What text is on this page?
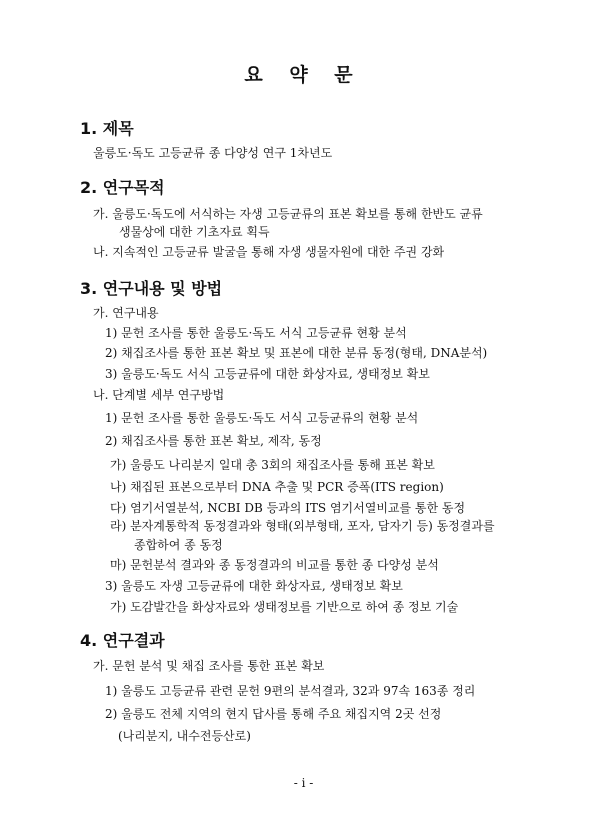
요 약 문
1. 제목
울릉도·독도 고등균류 종 다양성 연구 1차년도
2. 연구목적
가. 울릉도·독도에 서식하는 자생 고등균류의 표본 확보를 통해 한반도 균류
생물상에 대한 기초자료 획득
나. 지속적인 고등균류 발굴을 통해 자생 생물자원에 대한 주권 강화
3. 연구내용 및 방법
가. 연구내용
1) 문헌 조사를 통한 울릉도·독도 서식 고등균류 현황 분석
2) 채집조사를 통한 표본 확보 및 표본에 대한 분류 동정(형태, DNA분석)
3) 울릉도·독도 서식 고등균류에 대한 화상자료, 생태정보 확보
나. 단계별 세부 연구방법
1) 문헌 조사를 통한 울릉도·독도 서식 고등균류의 현황 분석
2) 채집조사를 통한 표본 확보, 제작, 동정
가) 울릉도 나리분지 일대 총 3회의 채집조사를 통해 표본 확보
나) 채집된 표본으로부터 DNA 추출 및 PCR 증폭(ITS region)
다) 염기서열분석, NCBI DB 등과의 ITS 염기서열비교를 통한 동정
라) 분자계통학적 동정결과와 형태(외부형태, 포자, 담자기 등) 동정결과를
종합하여 종 동정
마) 문헌분석 결과와 종 동정결과의 비교를 통한 종 다양성 분석
3) 울릉도 자생 고등균류에 대한 화상자료, 생태정보 확보
가) 도감발간을 화상자료와 생태정보를 기반으로 하여 종 정보 기술
4. 연구결과
가. 문헌 분석 및 채집 조사를 통한 표본 확보
1) 울릉도 고등균류 관련 문헌 9편의 분석결과, 32과 97속 163종 정리
2) 울릉도 전체 지역의 현지 답사를 통해 주요 채집지역 2곳 선정
(나리분지, 내수전등산로)
- i -
